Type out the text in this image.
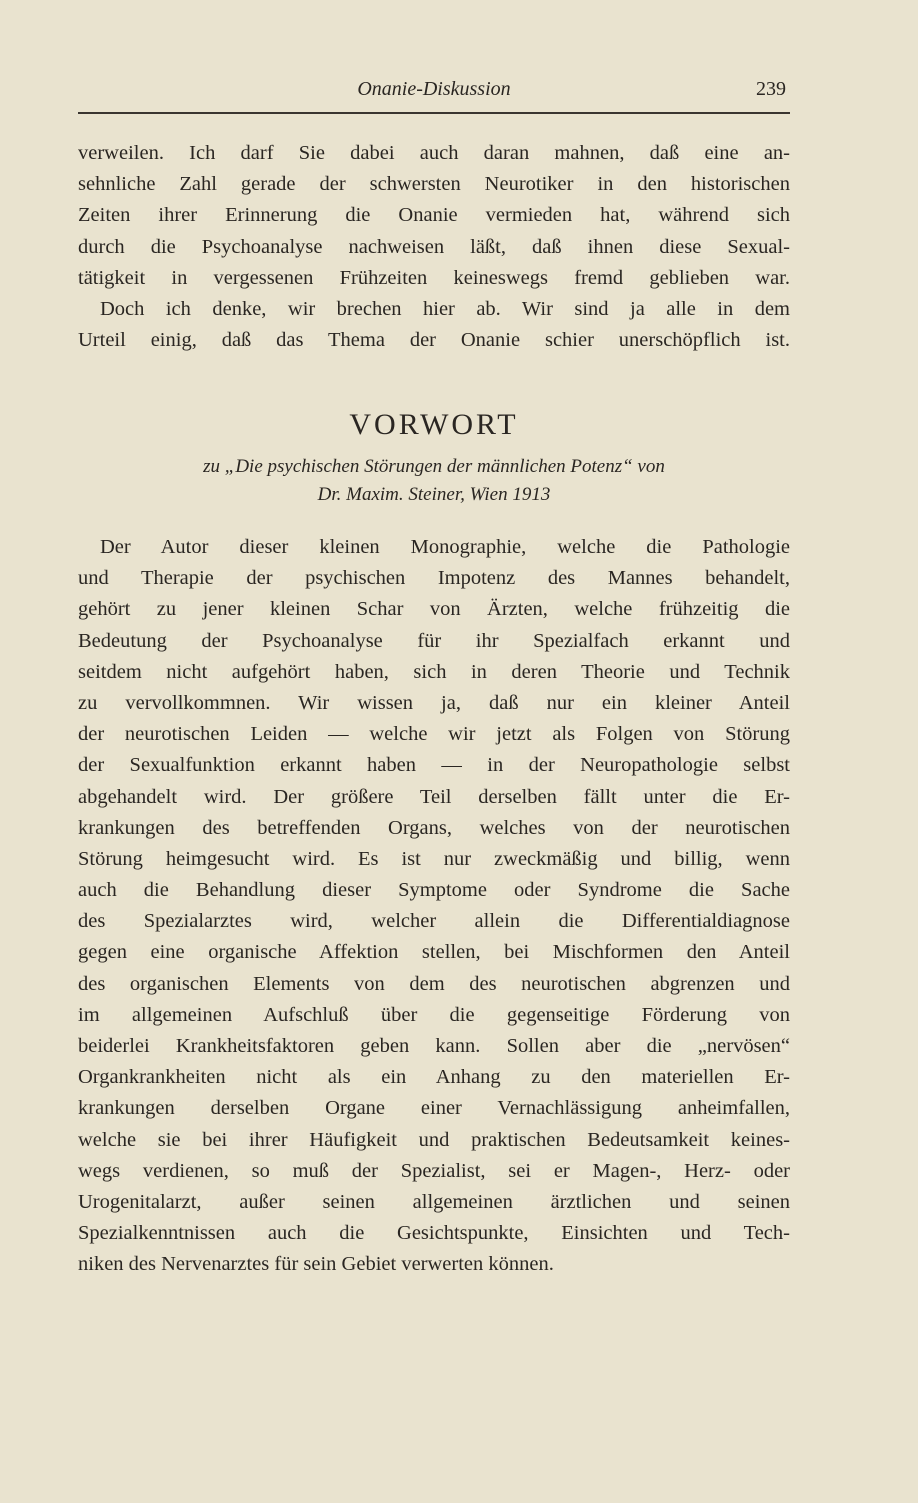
Onanie-Diskussion	239
verweilen. Ich darf Sie dabei auch daran mahnen, daß eine an-
sehnliche Zahl gerade der schwersten Neurotiker in den historischen
Zeiten ihrer Erinnerung die Onanie vermieden hat, während sich
durch die Psychoanalyse nachweisen läßt, daß ihnen diese Sexual-
tätigkeit in vergessenen Frühzeiten keineswegs fremd geblieben war.
Doch ich denke, wir brechen hier ab. Wir sind ja alle in dem
Urteil einig, daß das Thema der Onanie schier unerschöpflich ist.
VORWORT
zu „Die psychischen Störungen der männlichen Potenz“ von
Dr. Maxim. Steiner, Wien 1913
Der Autor dieser kleinen Monographie, welche die Pathologie
und Therapie der psychischen Impotenz des Mannes behandelt,
gehört zu jener kleinen Schar von Ärzten, welche frühzeitig die
Bedeutung der Psychoanalyse für ihr Spezialfach erkannt und
seitdem nicht aufgehört haben, sich in deren Theorie und Technik
zu vervollkommnen. Wir wissen ja, daß nur ein kleiner Anteil
der neurotischen Leiden — welche wir jetzt als Folgen von Störung
der Sexualfunktion erkannt haben — in der Neuropathologie selbst
abgehandelt wird. Der größere Teil derselben fällt unter die Er-
krankungen des betreffenden Organs, welches von der neurotischen
Störung heimgesucht wird. Es ist nur zweckmäßig und billig, wenn
auch die Behandlung dieser Symptome oder Syndrome die Sache
des Spezialarztes wird, welcher allein die Differentialdiagnose
gegen eine organische Affektion stellen, bei Mischformen den Anteil
des organischen Elements von dem des neurotischen abgrenzen und
im allgemeinen Aufschluß über die gegenseitige Förderung von
beiderlei Krankheitsfaktoren geben kann. Sollen aber die „nervösen“
Organkrankheiten nicht als ein Anhang zu den materiellen Er-
krankungen derselben Organe einer Vernachlässigung anheimfallen,
welche sie bei ihrer Häufigkeit und praktischen Bedeutsamkeit keines-
wegs verdienen, so muß der Spezialist, sei er Magen-, Herz- oder
Urogenitalarzt, außer seinen allgemeinen ärztlichen und seinen
Spezialkenntnissen auch die Gesichtspunkte, Einsichten und Tech-
niken des Nervenarztes für sein Gebiet verwerten können.
